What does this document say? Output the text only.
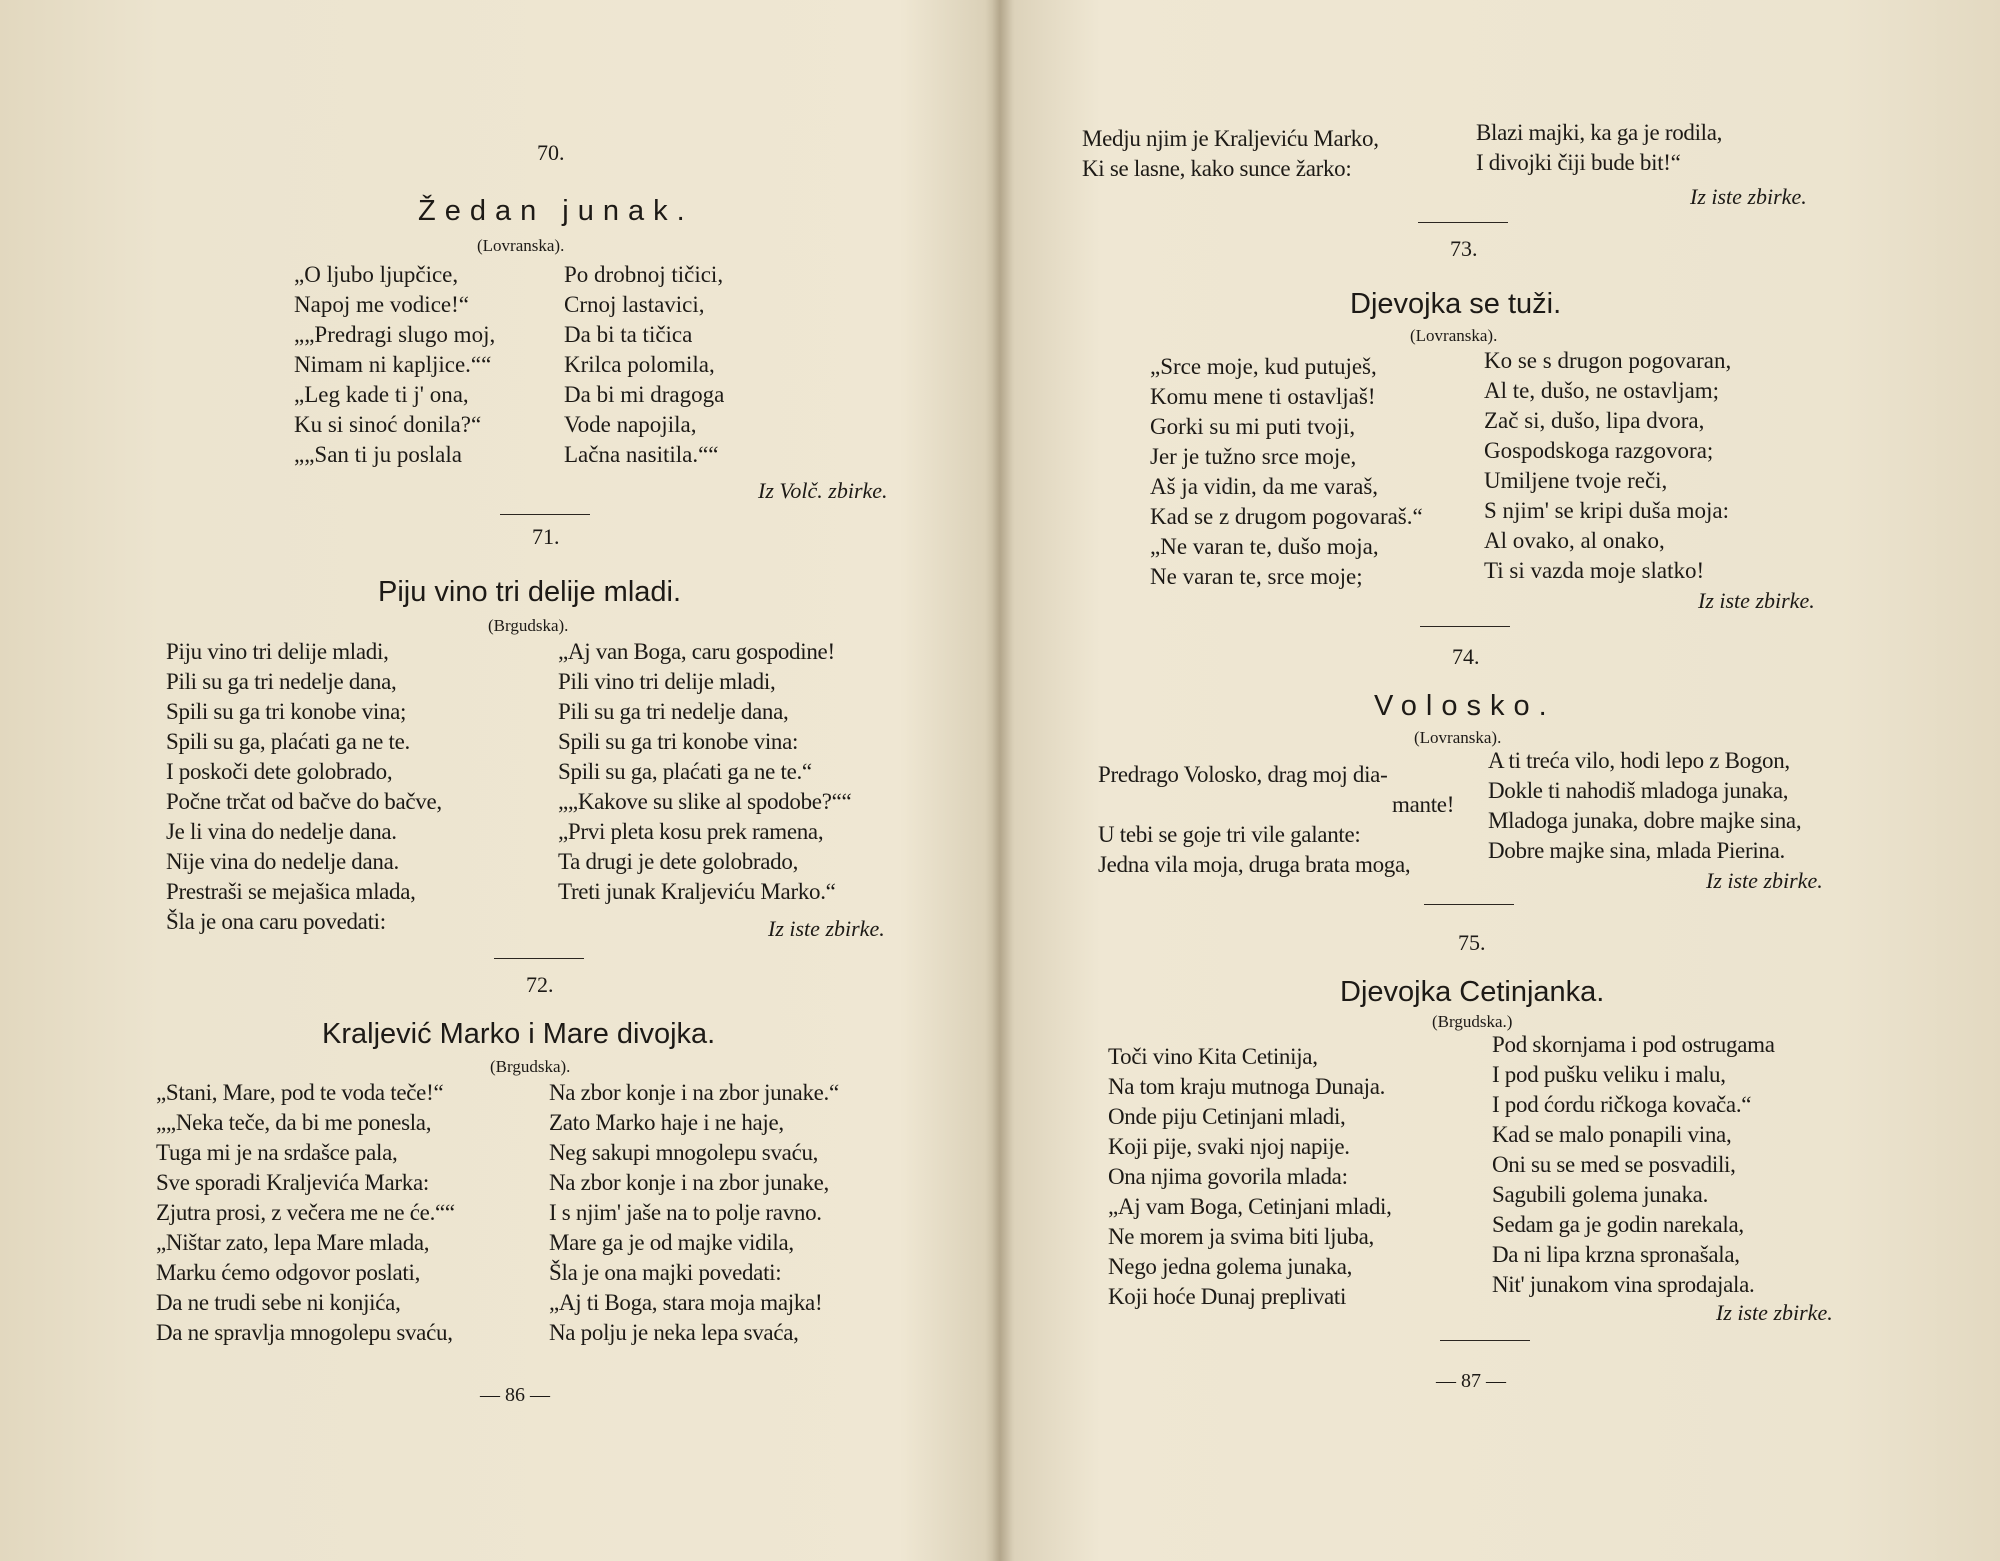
70.
Žedan junak.
(Lovranska).
„O ljubo ljupčice,
Napoj me vodice!“
„„Predragi slugo moj,
Nimam ni kapljice.““
„Leg kade ti j' ona,
Ku si sinoć donila?“
„„San ti ju poslala
Po drobnoj tičici,
Crnoj lastavici,
Da bi ta tičica
Krilca polomila,
Da bi mi dragoga
Vode napojila,
Lačna nasitila.““
Iz Volč. zbirke.
71.
Piju vino tri delije mladi.
(Brgudska).
Piju vino tri delije mladi,
Pili su ga tri nedelje dana,
Spili su ga tri konobe vina;
Spili su ga, plaćati ga ne te.
I poskoči dete golobrado,
Počne trčat od bačve do bačve,
Je li vina do nedelje dana.
Nije vina do nedelje dana.
Prestraši se mejašica mlada,
Šla je ona caru povedati:
„Aj van Boga, caru gospodine!
Pili vino tri delije mladi,
Pili su ga tri nedelje dana,
Spili su ga tri konobe vina:
Spili su ga, plaćati ga ne te.“
„„Kakove su slike al spodobe?““
„Prvi pleta kosu prek ramena,
Ta drugi je dete golobrado,
Treti junak Kraljeviću Marko.“
Iz iste zbirke.
72.
Kraljević Marko i Mare divojka.
(Brgudska).
„Stani, Mare, pod te voda teče!“
„„Neka teče, da bi me ponesla,
Tuga mi je na srdašce pala,
Sve sporadi Kraljevića Marka:
Zjutra prosi, z večera me ne će.““
„Ništar zato, lepa Mare mlada,
Marku ćemo odgovor poslati,
Da ne trudi sebe ni konjića,
Da ne spravlja mnogolepu svaću,
Na zbor konje i na zbor junake.“
Zato Marko haje i ne haje,
Neg sakupi mnogolepu svaću,
Na zbor konje i na zbor junake,
I s njim' jaše na to polje ravno.
Mare ga je od majke vidila,
Šla je ona majki povedati:
„Aj ti Boga, stara moja majka!
Na polju je neka lepa svaća,
— 86 —
Medju njim je Kraljeviću Marko,
Ki se lasne, kako sunce žarko:
Blazi majki, ka ga je rodila,
I divojki čiji bude bit!“
Iz iste zbirke.
73.
Djevojka se tuži.
(Lovranska).
„Srce moje, kud putuješ,
Komu mene ti ostavljaš!
Gorki su mi puti tvoji,
Jer je tužno srce moje,
Aš ja vidin, da me varaš,
Kad se z drugom pogovaraš.“
„Ne varan te, dušo moja,
Ne varan te, srce moje;
Ko se s drugon pogovaran,
Al te, dušo, ne ostavljam;
Zač si, dušo, lipa dvora,
Gospodskoga razgovora;
Umiljene tvoje reči,
S njim' se kripi duša moja:
Al ovako, al onako,
Ti si vazda moje slatko!
Iz iste zbirke.
74.
Volosko.
(Lovranska).
Predrago Volosko, drag moj dia-
mante!
U tebi se goje tri vile galante:
Jedna vila moja, druga brata moga,
A ti treća vilo, hodi lepo z Bogon,
Dokle ti nahodiš mladoga junaka,
Mladoga junaka, dobre majke sina,
Dobre majke sina, mlada Pierina.
Iz iste zbirke.
75.
Djevojka Cetinjanka.
(Brgudska.)
Toči vino Kita Cetinija,
Na tom kraju mutnoga Dunaja.
Onde piju Cetinjani mladi,
Koji pije, svaki njoj napije.
Ona njima govorila mlada:
„Aj vam Boga, Cetinjani mladi,
Ne morem ja svima biti ljuba,
Nego jedna golema junaka,
Koji hoće Dunaj preplivati
Pod skornjama i pod ostrugama
I pod pušku veliku i malu,
I pod ćordu ričkoga kovača.“
Kad se malo ponapili vina,
Oni su se med se posvadili,
Sagubili golema junaka.
Sedam ga je godin narekala,
Da ni lipa krzna spronašala,
Nit' junakom vina sprodajala.
Iz iste zbirke.
— 87 —
